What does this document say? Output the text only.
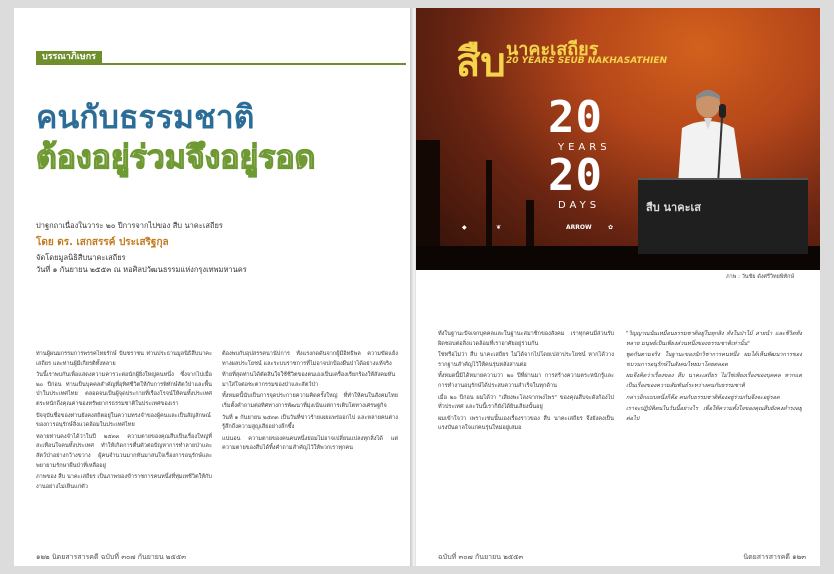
บรรณาภิเษกร
คนกับธรรมชาติ
ต้องอยู่ร่วมจึงอยู่รอด
ปาฐกถาเนื่องในวาระ ๒๐ ปีการจากไปของ สืบ นาคะเสถียร
โดย ดร. เสกสรรค์ ประเสริฐกุล
จัดโดยมูลนิธิสืบนาคะเสถียร
วันที่ ๑ กันยายน ๒๕๕๓ ณ หอศิลปวัฒนธรรมแห่งกรุงเทพมหานคร

ท่านผู้ผนมกรรมการพรรคไทยรักษ์ ปันชราชน ท่านประธานมูลนิธิสืบนาคะเสถียร และท่านผู้มีเกียรติทั้งหลาย

วันนี้เราพบกันเพื่อแสดงความคารวะต่อนักผู้ยิ่งใหญ่คนหนึ่ง ซึ่งจากไปเมื่อ ๒๐ ปีก่อน ท่านเป็นบุคคลสำคัญที่อุทิศชีวิตให้กับการพิทักษ์สัตว์ป่าและพื้นป่าในประเทศไทย ตลอดจนเป็นผู้จุดประกายที่เรืองโรจน์ให้คนทั้งประเทศตระหนักถึงคุณค่าของทรัพยากรธรรมชาติในประเทศของเรา

ปัจจุบันชื่อของท่านยังคงสถิตอยู่ในความทรงจำของผู้คนและเป็นสัญลักษณ์ของการอนุรักษ์สิ่งแวดล้อมในประเทศไทย

หลายท่านคงจำได้ว่าในปี ๒๕๓๓ ความตายของคุณสืบเป็นเรื่องใหญ่ที่สะเทือนใจคนทั้งประเทศ ทำให้เกิดการตื่นตัวต่อปัญหาการทำลายป่าและสัตว์ป่าอย่างกว้างขวาง ผู้คนจำนวนมากหันมาสนใจเรื่องการอนุรักษ์และพยายามรักษาผืนป่าที่เหลืออยู่

ภาพของ สืบ นาคะเสถียร เป็นภาพของข้าราชการคนหนึ่งที่ทุ่มเทชีวิตให้กับงานอย่างไม่เห็นแก่ตัว

ต้องพบกับอุปสรรคนานัปการ ทั้งแรงกดดันจากผู้มีอิทธิพล ความขัดแย้งทางผลประโยชน์ และระบบราชการที่ไม่อาจปกป้องผืนป่าได้อย่างแท้จริง

ท้ายที่สุดท่านได้ตัดสินใจใช้ชีวิตของตนเองเป็นเครื่องเรียกร้องให้สังคมหันมาใส่ใจต่อชะตากรรมของป่าและสัตว์ป่า

ทั้งหมดนี้นับเป็นการจุดประกายความคิดครั้งใหญ่ ที่ทำให้คนในสังคมไทยเริ่มตั้งคำถามต่อทิศทางการพัฒนาที่มุ่งเน้นแต่การเติบโตทางเศรษฐกิจ

วันที่ ๑ กันยายน ๒๕๓๓ เป็นวันที่ข่าวร้ายเผยแพร่ออกไป และหลายคนต่างรู้สึกถึงความสูญเสียอย่างลึกซึ้ง

แน่นอน ความตายของคนคนหนึ่งย่อมไม่อาจเปลี่ยนแปลงทุกสิ่งได้ แต่ความตายของสืบได้ทิ้งคำถามสำคัญไว้ให้พวกเราทุกคน

๑๒๒ นิตยสารสารคดี ฉบับที่ ๓๐๗ กันยายน ๒๕๕๓
สืบ นาคะเสถียร
20 YEARS SEUB NAKHASATHIEN
20
YEARS
20
DAYS
◆	❦	ARROW	✿
สืบ นาคะเส
ภาพ : วันชัย ดังศรีวิทยพิทักษ์

ทั้งในฐานะปัจเจกบุคคลและในฐานะสมาชิกของสังคม เราทุกคนมีส่วนรับผิดชอบต่อสิ่งแวดล้อมที่เราอาศัยอยู่ร่วมกัน

ใช่หรือไม่ว่า สืบ นาคะเสถียร ไม่ได้จากไปโดยเปล่าประโยชน์ หากได้วางรากฐานสำคัญไว้ให้คนรุ่นหลังสานต่อ

ทั้งหมดนี้มิได้หมายความว่า ๒๐ ปีที่ผ่านมา การสร้างความตระหนักรู้และการทำงานอนุรักษ์ได้ประสบความสำเร็จในทุกด้าน

เมื่อ ๒๐ ปีก่อน ผมได้ว่า "เสียงพะโลงจากพงไพร" ของคุณสืบจะดังก้องไปทั่วประเทศ และวันนี้เราก็ยังได้ยินเสียงนั้นอยู่

ผมเข้าใจว่า เพราะเช่นนั้นเองเรื่องราวของ สืบ นาคะเสถียร จึงยังคงเป็นแรงบันดาลใจแก่คนรุ่นใหม่อยู่เสมอ

"วิญญาณนั้นเหมือนธรรมชาติอยู่ในทุกสิ่ง ทั้งในป่าไม้ สายน้ำ และชีวิตทั้งหลาย มนุษย์เป็นเพียงส่วนหนึ่งของธรรมชาติเท่านั้น"

พูดกันตามจริง ในฐานะของนักวิชาการคนหนึ่ง ผมได้เห็นพัฒนาการของขบวนการอนุรักษ์ในสังคมไทยมาโดยตลอด

ผมจึงคิดว่าเรื่องของ สืบ นาคะเสถียร ไม่ใช่เพียงเรื่องของบุคคล หากแต่เป็นเรื่องของความสัมพันธ์ระหว่างคนกับธรรมชาติ

กล่าวอีกแบบหนึ่งก็คือ คนกับธรรมชาติต้องอยู่ร่วมกันจึงจะอยู่รอด

เราจะปฏิบัติตนในวันนี้อย่างไร เพื่อให้ความตั้งใจของคุณสืบยังคงดำรงอยู่ต่อไป

ฉบับที่ ๓๐๗ กันยายน ๒๕๕๓	นิตยสารสารคดี ๑๒๓
